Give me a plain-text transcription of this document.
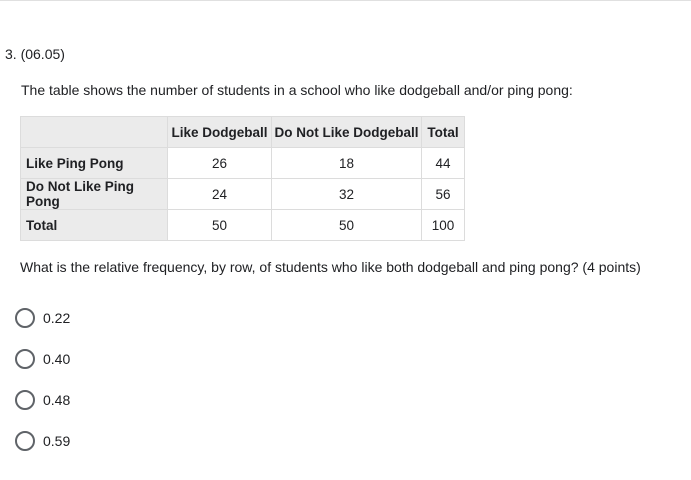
3. (06.05)
The table shows the number of students in a school who like dodgeball and/or ping pong:
	Like Dodgeball	Do Not Like Dodgeball	Total
Like Ping Pong	26	18	44
Do Not Like Ping Pong	24	32	56
Total	50	50	100
What is the relative frequency, by row, of students who like both dodgeball and ping pong? (4 points)
0.22
0.40
0.48
0.59
